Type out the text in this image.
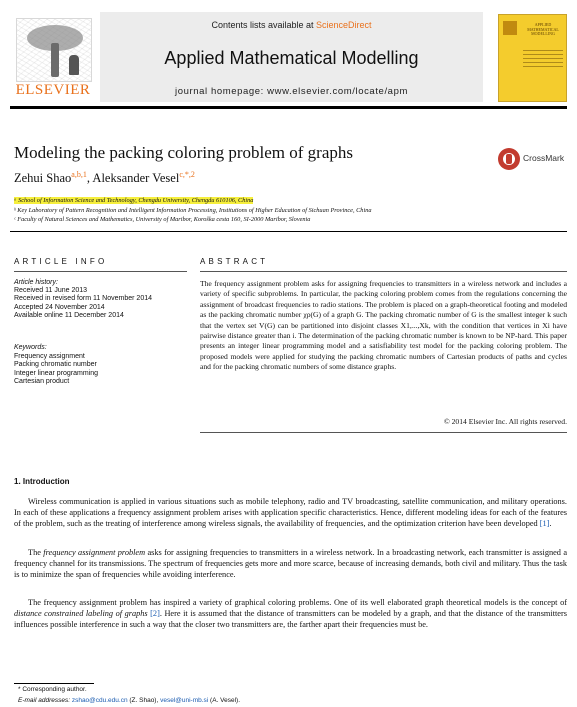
ELSEVIER
Contents lists available at ScienceDirect
Applied Mathematical Modelling
journal homepage: www.elsevier.com/locate/apm
APPLIED MATHEMATICAL MODELLING
Modeling the packing coloring problem of graphs	CrossMark
Zehui Shao$^{a,b,1}$, Aleksander Vesel$^{c,*,2}$
ᵃ School of Information Science and Technology, Chengdu University, Chengdu 610106, China
ᵇ Key Laboratory of Pattern Recognition and Intelligent Information Processing, Institutions of Higher Education of Sichuan Province, China
ᶜ Faculty of Natural Sciences and Mathematics, University of Maribor, Koroška cesta 160, SI-2000 Maribor, Slovenia
ARTICLE INFO
Article history:
Received 11 June 2013
Received in revised form 11 November 2014
Accepted 24 November 2014
Available online 11 December 2014
Keywords:
Frequency assignment
Packing chromatic number
Integer linear programming
Cartesian product
ABSTRACT
The frequency assignment problem asks for assigning frequencies to transmitters in a wireless network and includes a variety of specific subproblems. In particular, the packing coloring problem comes from the regulations concerning the assignment of broadcast frequencies to radio stations. The problem is placed on a graph-theoretical footing and modeled as the packing chromatic number χρ(G) of a graph G. The packing chromatic number of G is the smallest integer k such that the vertex set V(G) can be partitioned into disjoint classes X1,...,Xk, with the condition that vertices in Xi have pairwise distance greater than i. The determination of the packing chromatic number is known to be NP-hard. This paper presents an integer linear programming model and a satisfiability test model for the packing coloring problem. The proposed models were applied for studying the packing chromatic numbers of Cartesian products of paths and cycles and for the packing chromatic numbers of some distance graphs.
© 2014 Elsevier Inc. All rights reserved.
1. Introduction
Wireless communication is applied in various situations such as mobile telephony, radio and TV broadcasting, satellite communication, and military operations. In each of these applications a frequency assignment problem arises with application specific characteristics. Hence, different modeling ideas for each of the features of the problem, such as the treating of interference among wireless signals, the availability of frequencies, and the optimization criterion have been developed [1].
The frequency assignment problem asks for assigning frequencies to transmitters in a wireless network. In a broadcasting network, each transmitter is assigned a frequency channel for its transmissions. The spectrum of frequencies gets more and more scarce, because of increasing demands, both civil and military. Thus the task is to minimize the span of frequencies while avoiding interference.
The frequency assignment problem has inspired a variety of graphical coloring problems. One of its well elaborated graph theoretical models is the concept of distance constrained labeling of graphs [2]. Here it is assumed that the distance of transmitters can be modeled by a graph, and that the distance of the transmitters influences possible interference in such a way that the closer two transmitters are, the farther apart their frequencies must be.
* Corresponding author.
E-mail addresses: zshao@cdu.edu.cn (Z. Shao), vesel@uni-mb.si (A. Vesel).
